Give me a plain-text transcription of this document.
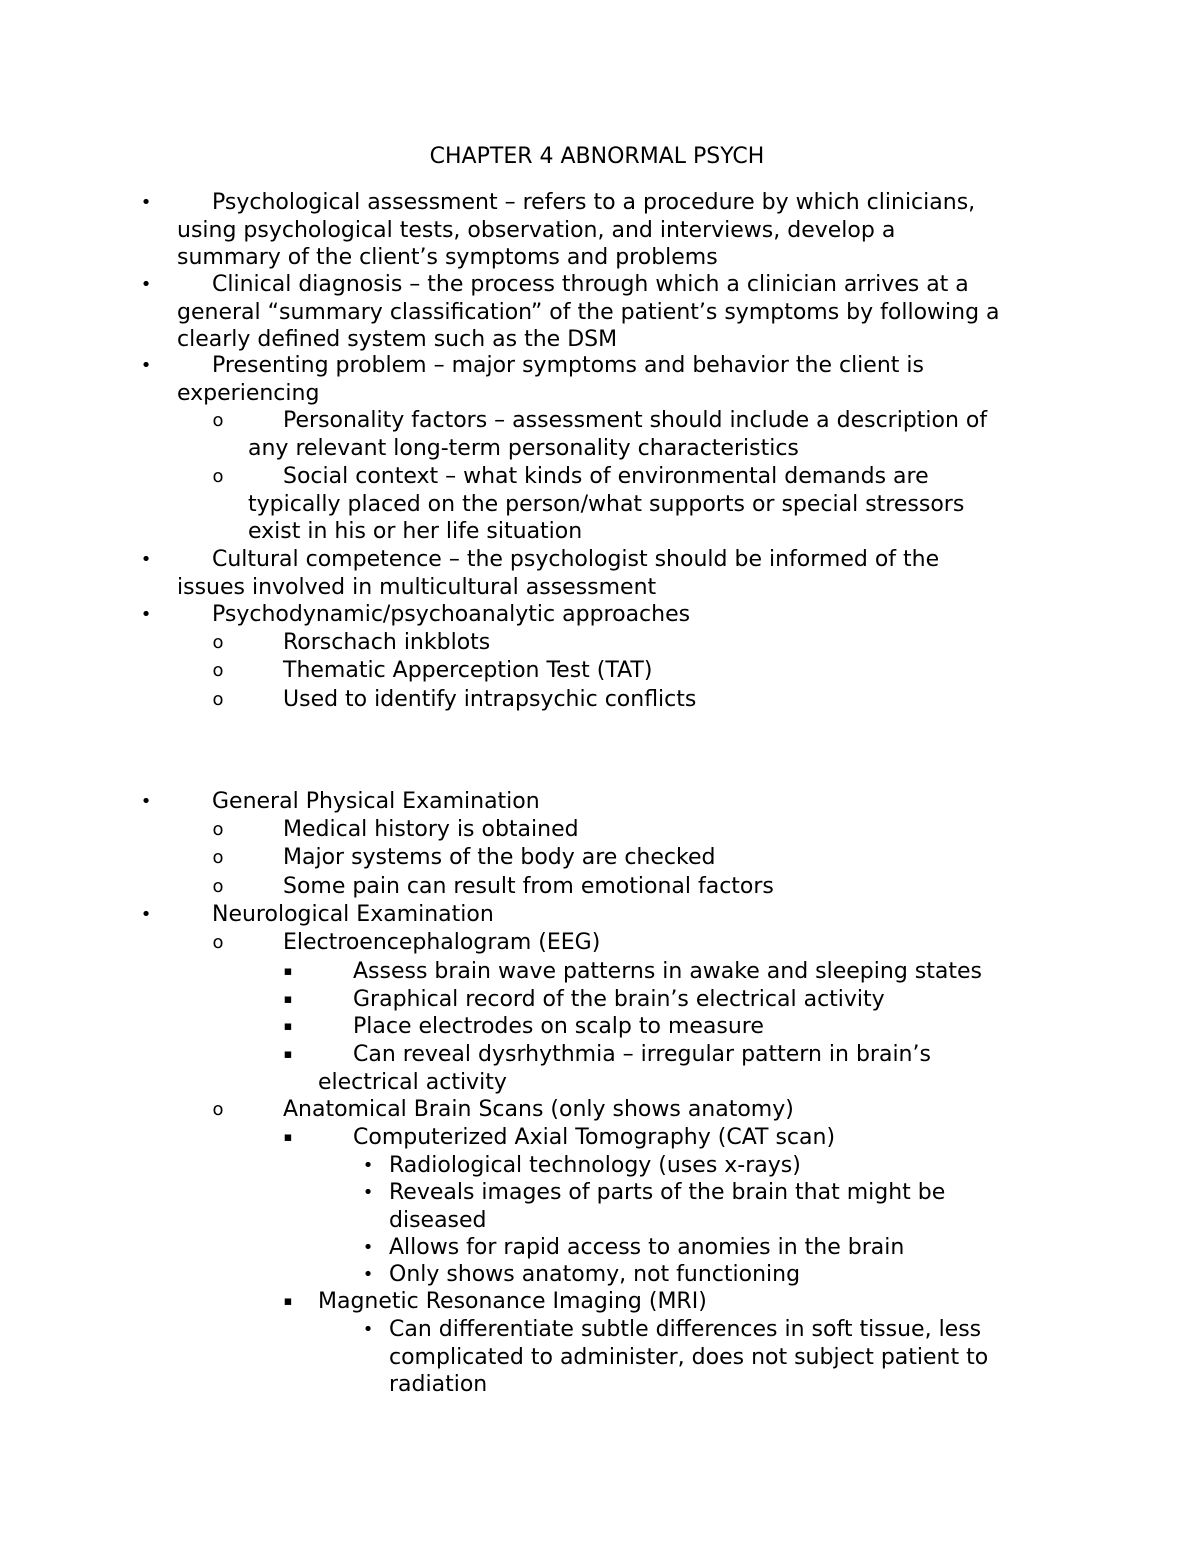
CHAPTER 4 ABNORMAL PSYCH
•	Psychological assessment – refers to a procedure by which clinicians,
using psychological tests, observation, and interviews, develop a
summary of the client’s symptoms and problems
•	Clinical diagnosis – the process through which a clinician arrives at a
general “summary classification” of the patient’s symptoms by following a
clearly defined system such as the DSM
•	Presenting problem – major symptoms and behavior the client is
experiencing
o	Personality factors – assessment should include a description of
any relevant long-term personality characteristics
o	Social context – what kinds of environmental demands are
typically placed on the person/what supports or special stressors
exist in his or her life situation
•	Cultural competence – the psychologist should be informed of the
issues involved in multicultural assessment
•	Psychodynamic/psychoanalytic approaches
o	Rorschach inkblots
o	Thematic Apperception Test (TAT)
o	Used to identify intrapsychic conflicts
•	General Physical Examination
o	Medical history is obtained
o	Major systems of the body are checked
o	Some pain can result from emotional factors
•	Neurological Examination
o	Electroencephalogram (EEG)
▪	Assess brain wave patterns in awake and sleeping states
▪	Graphical record of the brain’s electrical activity
▪	Place electrodes on scalp to measure
▪	Can reveal dysrhythmia – irregular pattern in brain’s
electrical activity
o	Anatomical Brain Scans (only shows anatomy)
▪	Computerized Axial Tomography (CAT scan)
• Radiological technology (uses x-rays)
• Reveals images of parts of the brain that might be
diseased
• Allows for rapid access to anomies in the brain
• Only shows anatomy, not functioning
▪ Magnetic Resonance Imaging (MRI)
• Can differentiate subtle differences in soft tissue, less
complicated to administer, does not subject patient to
radiation
